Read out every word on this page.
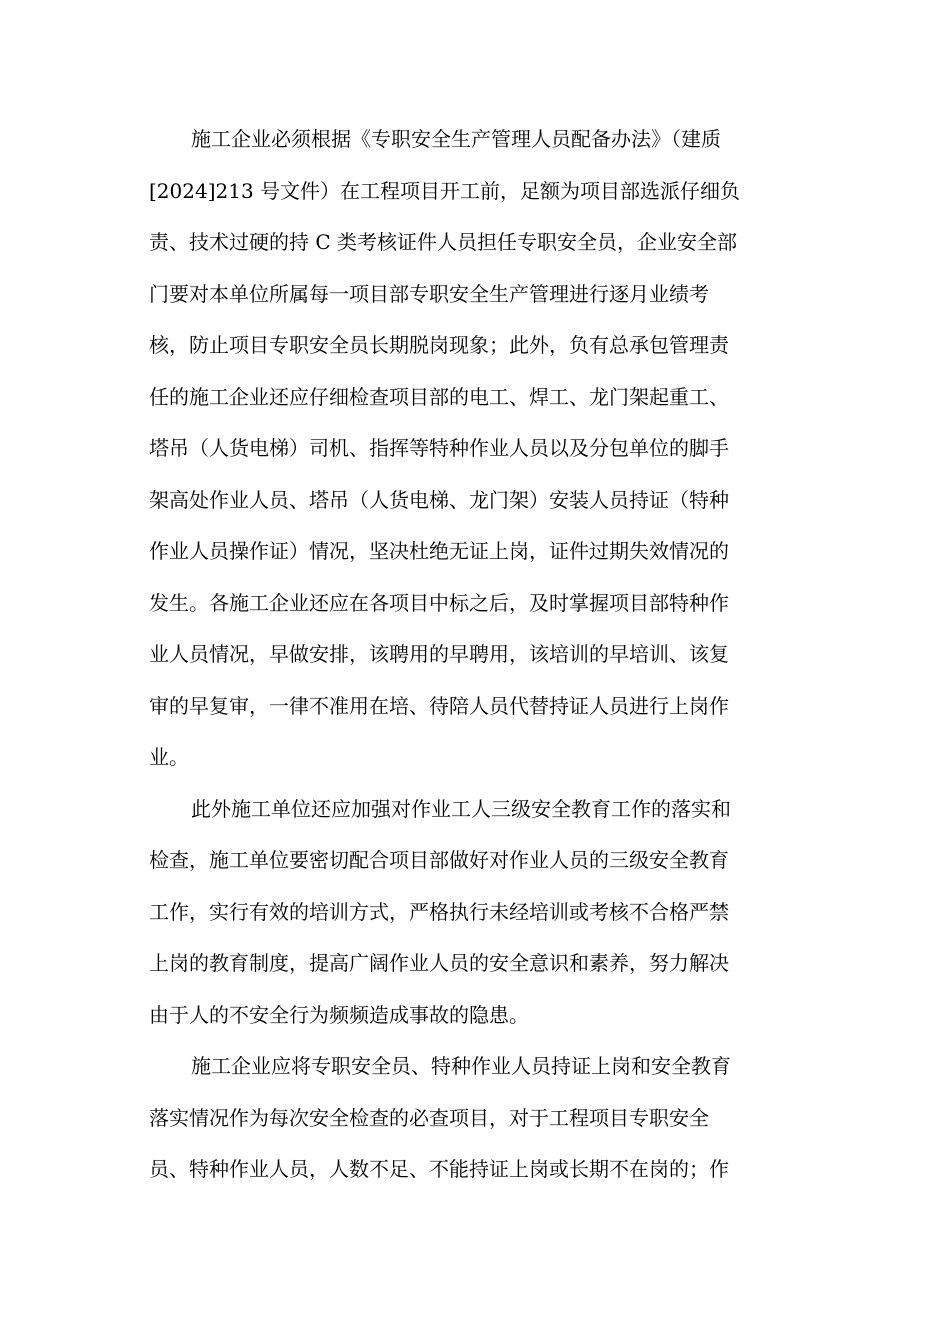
施工企业必须根据《专职安全生产管理人员配备办法》（建质
[2024]213 号文件）在工程项目开工前，足额为项目部选派仔细负
责、技术过硬的持 C 类考核证件人员担任专职安全员，企业安全部
门要对本单位所属每一项目部专职安全生产管理进行逐月业绩考
核，防止项目专职安全员长期脱岗现象；此外，负有总承包管理责
任的施工企业还应仔细检查项目部的电工、焊工、龙门架起重工、
塔吊（人货电梯）司机、指挥等特种作业人员以及分包单位的脚手
架高处作业人员、塔吊（人货电梯、龙门架）安装人员持证（特种
作业人员操作证）情况，坚决杜绝无证上岗，证件过期失效情况的
发生。各施工企业还应在各项目中标之后，及时掌握项目部特种作
业人员情况，早做安排，该聘用的早聘用，该培训的早培训、该复
审的早复审，一律不准用在培、待陪人员代替持证人员进行上岗作
业。
此外施工单位还应加强对作业工人三级安全教育工作的落实和
检查，施工单位要密切配合项目部做好对作业人员的三级安全教育
工作，实行有效的培训方式，严格执行未经培训或考核不合格严禁
上岗的教育制度，提高广阔作业人员的安全意识和素养，努力解决
由于人的不安全行为频频造成事故的隐患。
施工企业应将专职安全员、特种作业人员持证上岗和安全教育
落实情况作为每次安全检查的必查项目，对于工程项目专职安全
员、特种作业人员，人数不足、不能持证上岗或长期不在岗的；作
